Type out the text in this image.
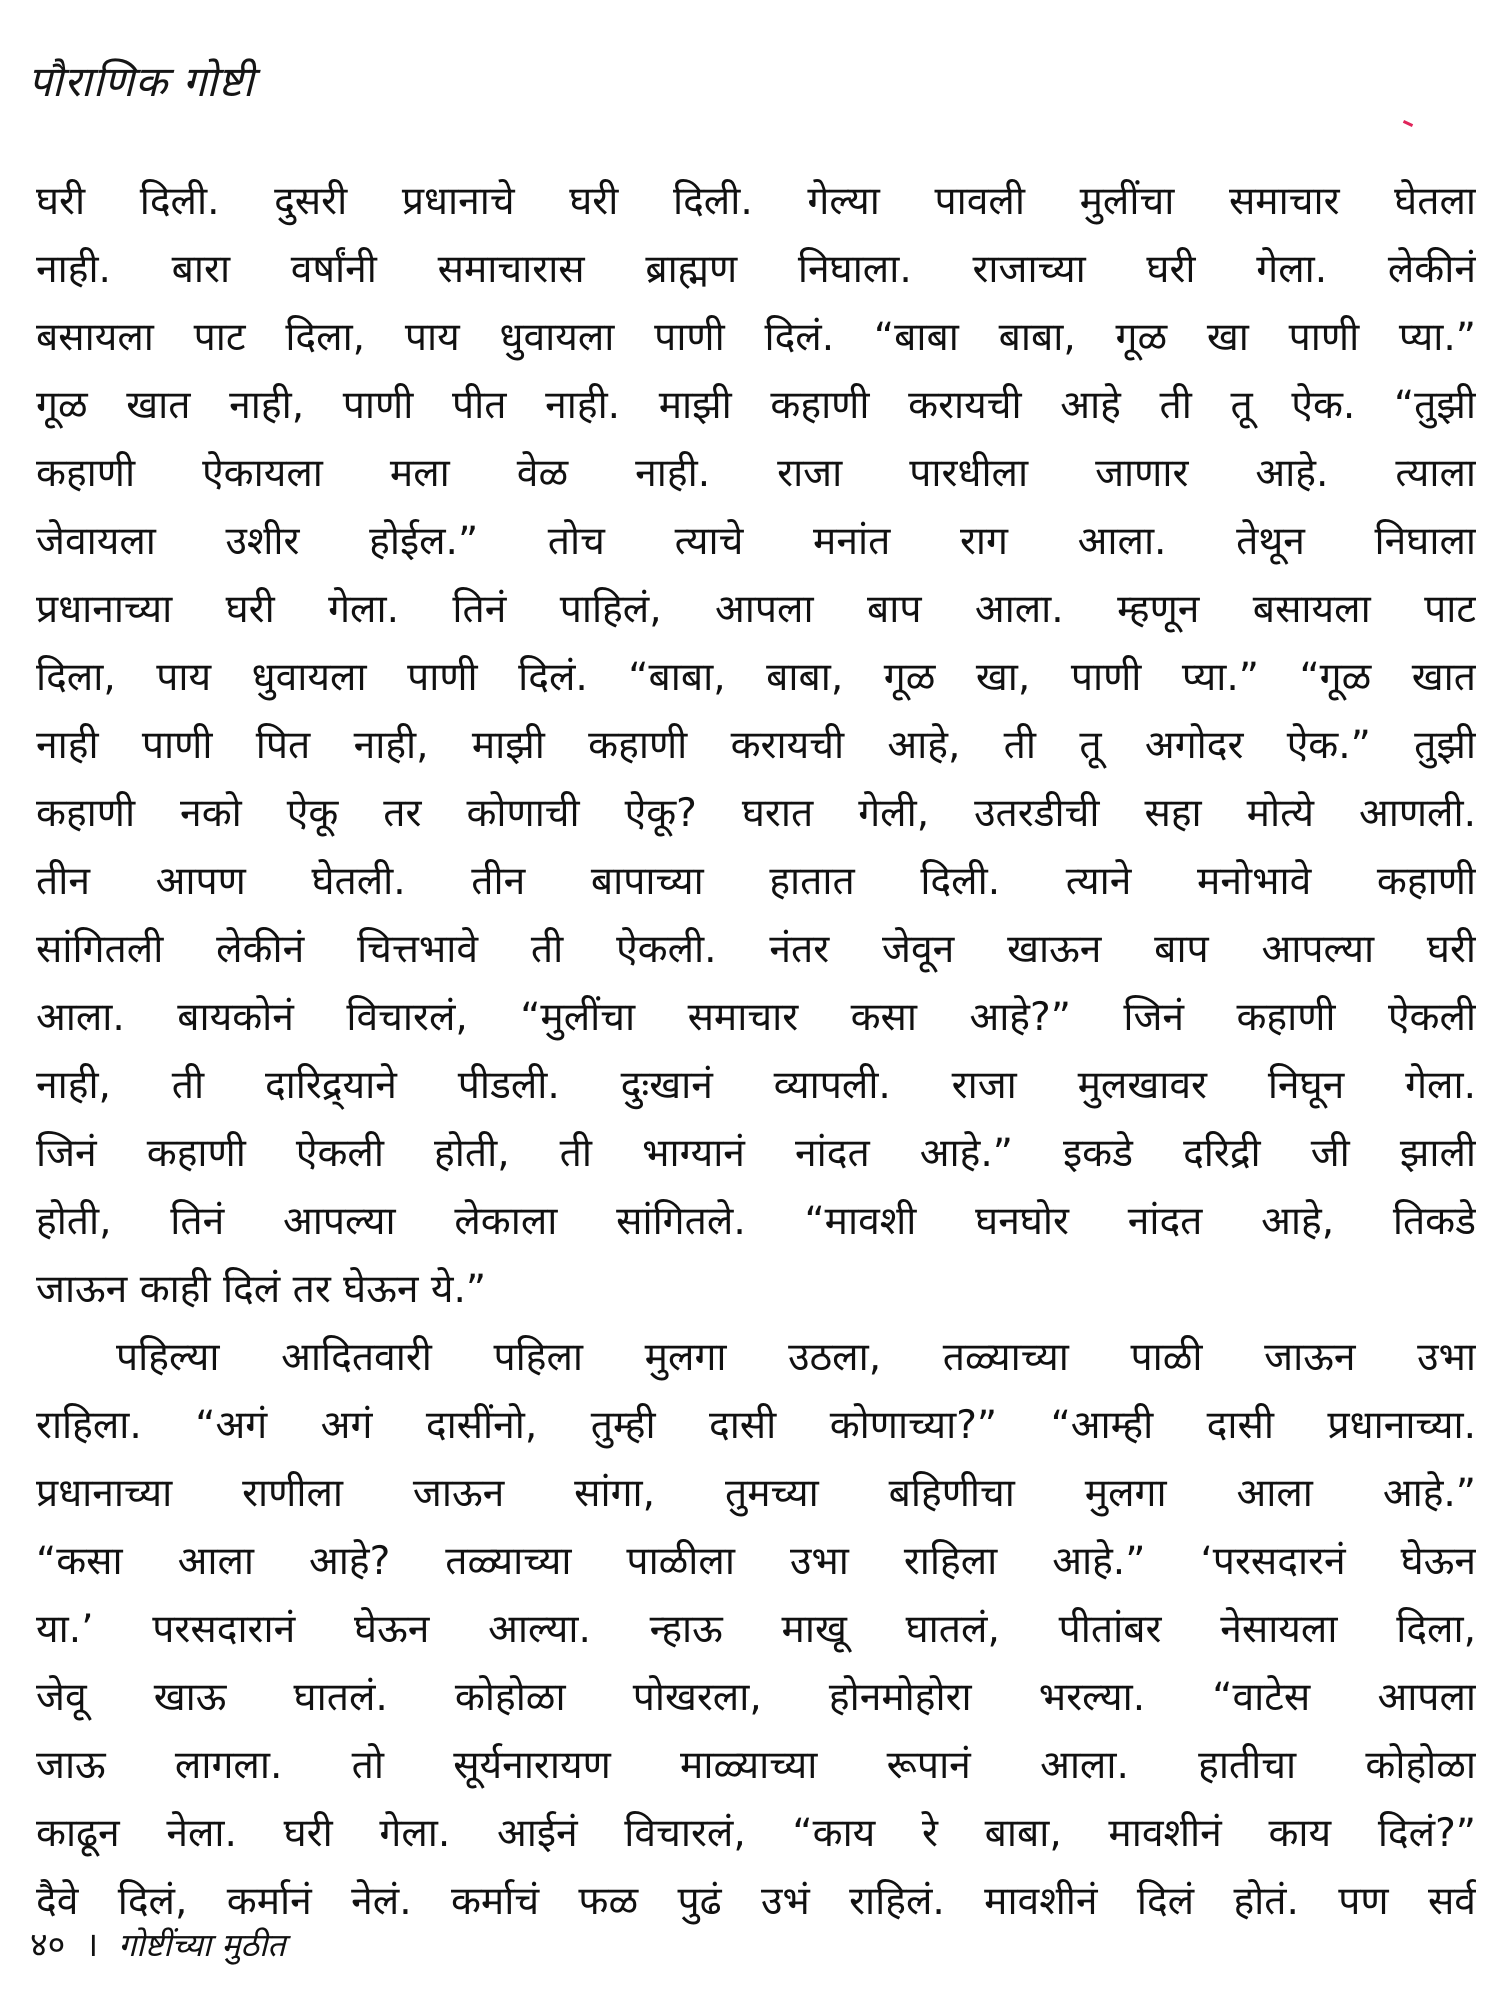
पौराणिक गोष्टी
घरी दिली. दुसरी प्रधानाचे घरी दिली. गेल्या पावली मुलींचा समाचार घेतला
नाही. बारा वर्षांनी समाचारास ब्राह्मण निघाला. राजाच्या घरी गेला. लेकीनं
बसायला पाट दिला, पाय धुवायला पाणी दिलं. “बाबा बाबा, गूळ खा पाणी प्या.”
गूळ खात नाही, पाणी पीत नाही. माझी कहाणी करायची आहे ती तू ऐक. “तुझी
कहाणी ऐकायला मला वेळ नाही. राजा पारधीला जाणार आहे. त्याला
जेवायला उशीर होईल.” तोच त्याचे मनांत राग आला. तेथून निघाला
प्रधानाच्या घरी गेला. तिनं पाहिलं, आपला बाप आला. म्हणून बसायला पाट
दिला, पाय धुवायला पाणी दिलं. “बाबा, बाबा, गूळ खा, पाणी प्या.” “गूळ खात
नाही पाणी पित नाही, माझी कहाणी करायची आहे, ती तू अगोदर ऐक.” तुझी
कहाणी नको ऐकू तर कोणाची ऐकू? घरात गेली, उतरडीची सहा मोत्ये आणली.
तीन आपण घेतली. तीन बापाच्या हातात दिली. त्याने मनोभावे कहाणी
सांगितली लेकीनं चित्तभावे ती ऐकली. नंतर जेवून खाऊन बाप आपल्या घरी
आला. बायकोनं विचारलं, “मुलींचा समाचार कसा आहे?” जिनं कहाणी ऐकली
नाही, ती दारिद्र्याने पीडली. दुःखानं व्यापली. राजा मुलखावर निघून गेला.
जिनं कहाणी ऐकली होती, ती भाग्यानं नांदत आहे.” इकडे दरिद्री जी झाली
होती, तिनं आपल्या लेकाला सांगितले. “मावशी घनघोर नांदत आहे, तिकडे
जाऊन काही दिलं तर घेऊन ये.”
पहिल्या आदितवारी पहिला मुलगा उठला, तळ्याच्या पाळी जाऊन उभा
राहिला. “अगं अगं दासींनो, तुम्ही दासी कोणाच्या?” “आम्ही दासी प्रधानाच्या.
प्रधानाच्या राणीला जाऊन सांगा, तुमच्या बहिणीचा मुलगा आला आहे.”
“कसा आला आहे? तळ्याच्या पाळीला उभा राहिला आहे.” ‘परसदारनं घेऊन
या.’ परसदारानं घेऊन आल्या. न्हाऊ माखू घातलं, पीतांबर नेसायला दिला,
जेवू खाऊ घातलं. कोहोळा पोखरला, होनमोहोरा भरल्या. “वाटेस आपला
जाऊ लागला. तो सूर्यनारायण माळ्याच्या रूपानं आला. हातीचा कोहोळा
काढून नेला. घरी गेला. आईनं विचारलं, “काय रे बाबा, मावशीनं काय दिलं?”
दैवे दिलं, कर्मानं नेलं. कर्माचं फळ पुढं उभं राहिलं. मावशीनं दिलं होतं. पण सर्व
४० । गोष्टींच्या मुठीत
